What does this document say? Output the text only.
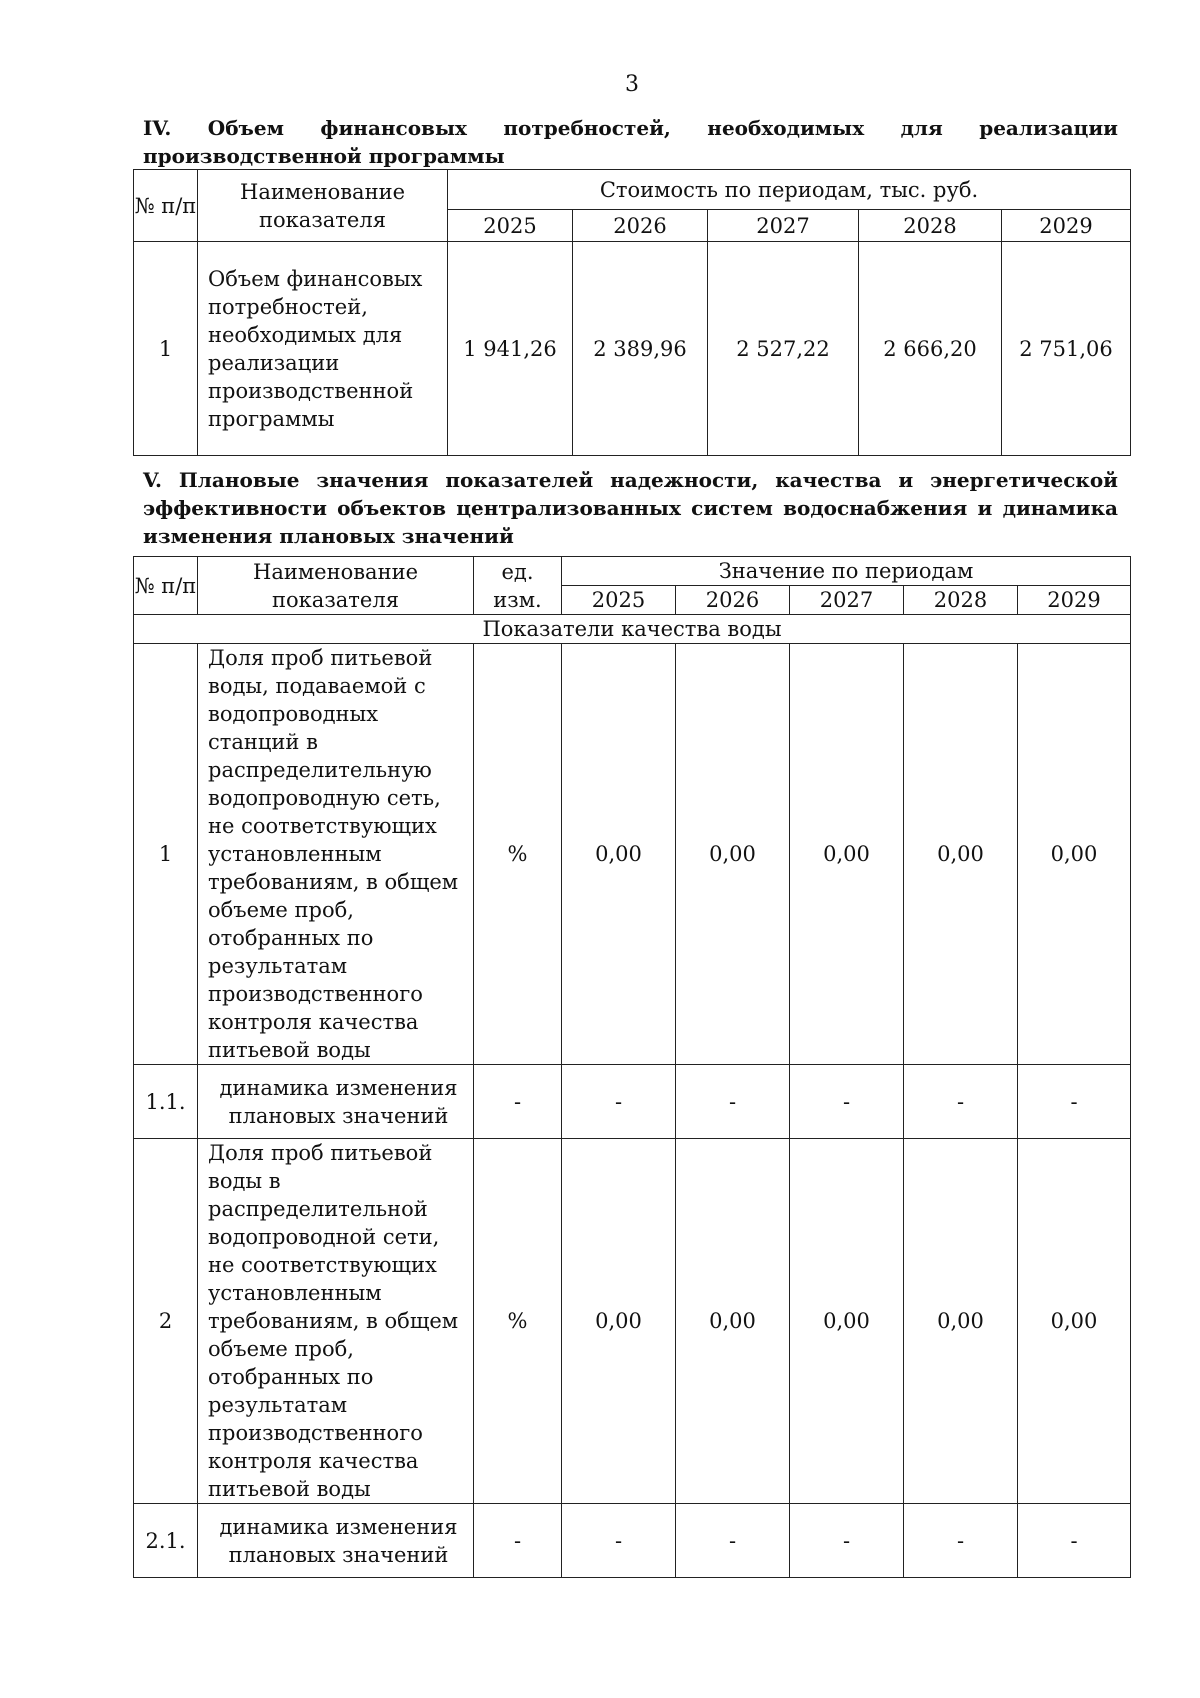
3
IV. Объем финансовых потребностей, необходимых для реализации производственной программы
№ п/п	Наименование показателя	Стоимость по периодам, тыс. руб.				
		2025	2026	2027	2028	2029
1	Объем финансовых потребностей, необходимых для реализации производственной программы	1 941,26	2 389,96	2 527,22	2 666,20	2 751,06
V. Плановые значения показателей надежности, качества и энергетической эффективности объектов централизованных систем водоснабжения и динамика изменения плановых значений
№ п/п	Наименование показателя	ед. изм.	Значение по периодам				
			2025	2026	2027	2028	2029
Показатели качества воды							
1	Доля проб питьевой воды, подаваемой с водопроводных станций в распределительную водопроводную сеть, не соответствующих установленным требованиям, в общем объеме проб, отобранных по результатам производственного контроля качества питьевой воды	%	0,00	0,00	0,00	0,00	0,00
1.1.	динамика изменения плановых значений	-	-	-	-	-	-
2	Доля проб питьевой воды в распределительной водопроводной сети, не соответствующих установленным требованиям, в общем объеме проб, отобранных по результатам производственного контроля качества питьевой воды	%	0,00	0,00	0,00	0,00	0,00
2.1.	динамика изменения плановых значений	-	-	-	-	-	-
